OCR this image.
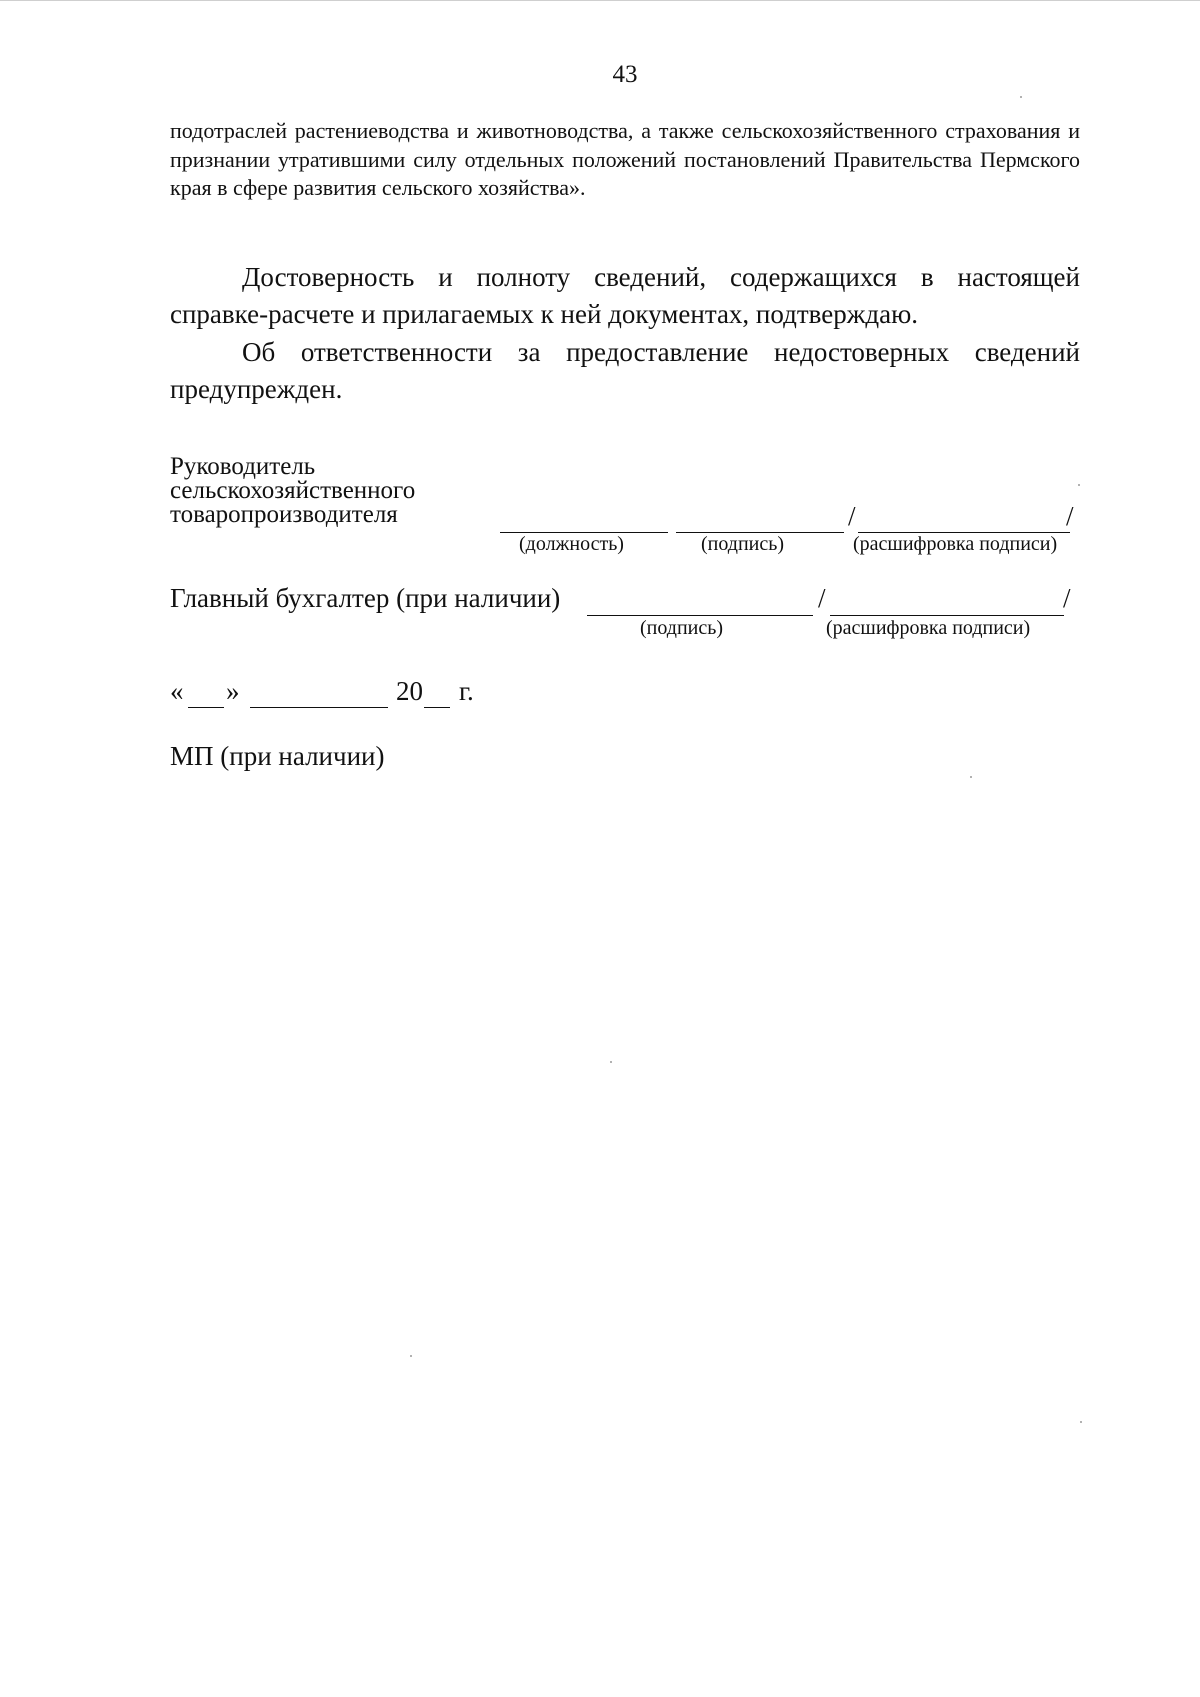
43
подотраслей растениеводства и животноводства, а также сельскохозяйственного страхования и признании утратившими силу отдельных положений постановлений Правительства Пермского края в сфере развития сельского хозяйства».
Достоверность и полноту сведений, содержащихся в настоящей справке-расчете и прилагаемых к ней документах, подтверждаю.
Об ответственности за предоставление недостоверных сведений предупрежден.
Руководитель
сельскохозяйственного
товаропроизводителя	/	/
(должность)	(подпись)	(расшифровка подписи)
Главный бухгалтер (при наличии)	/	/
(подпись)	(расшифровка подписи)
« »	20 г.
МП (при наличии)
